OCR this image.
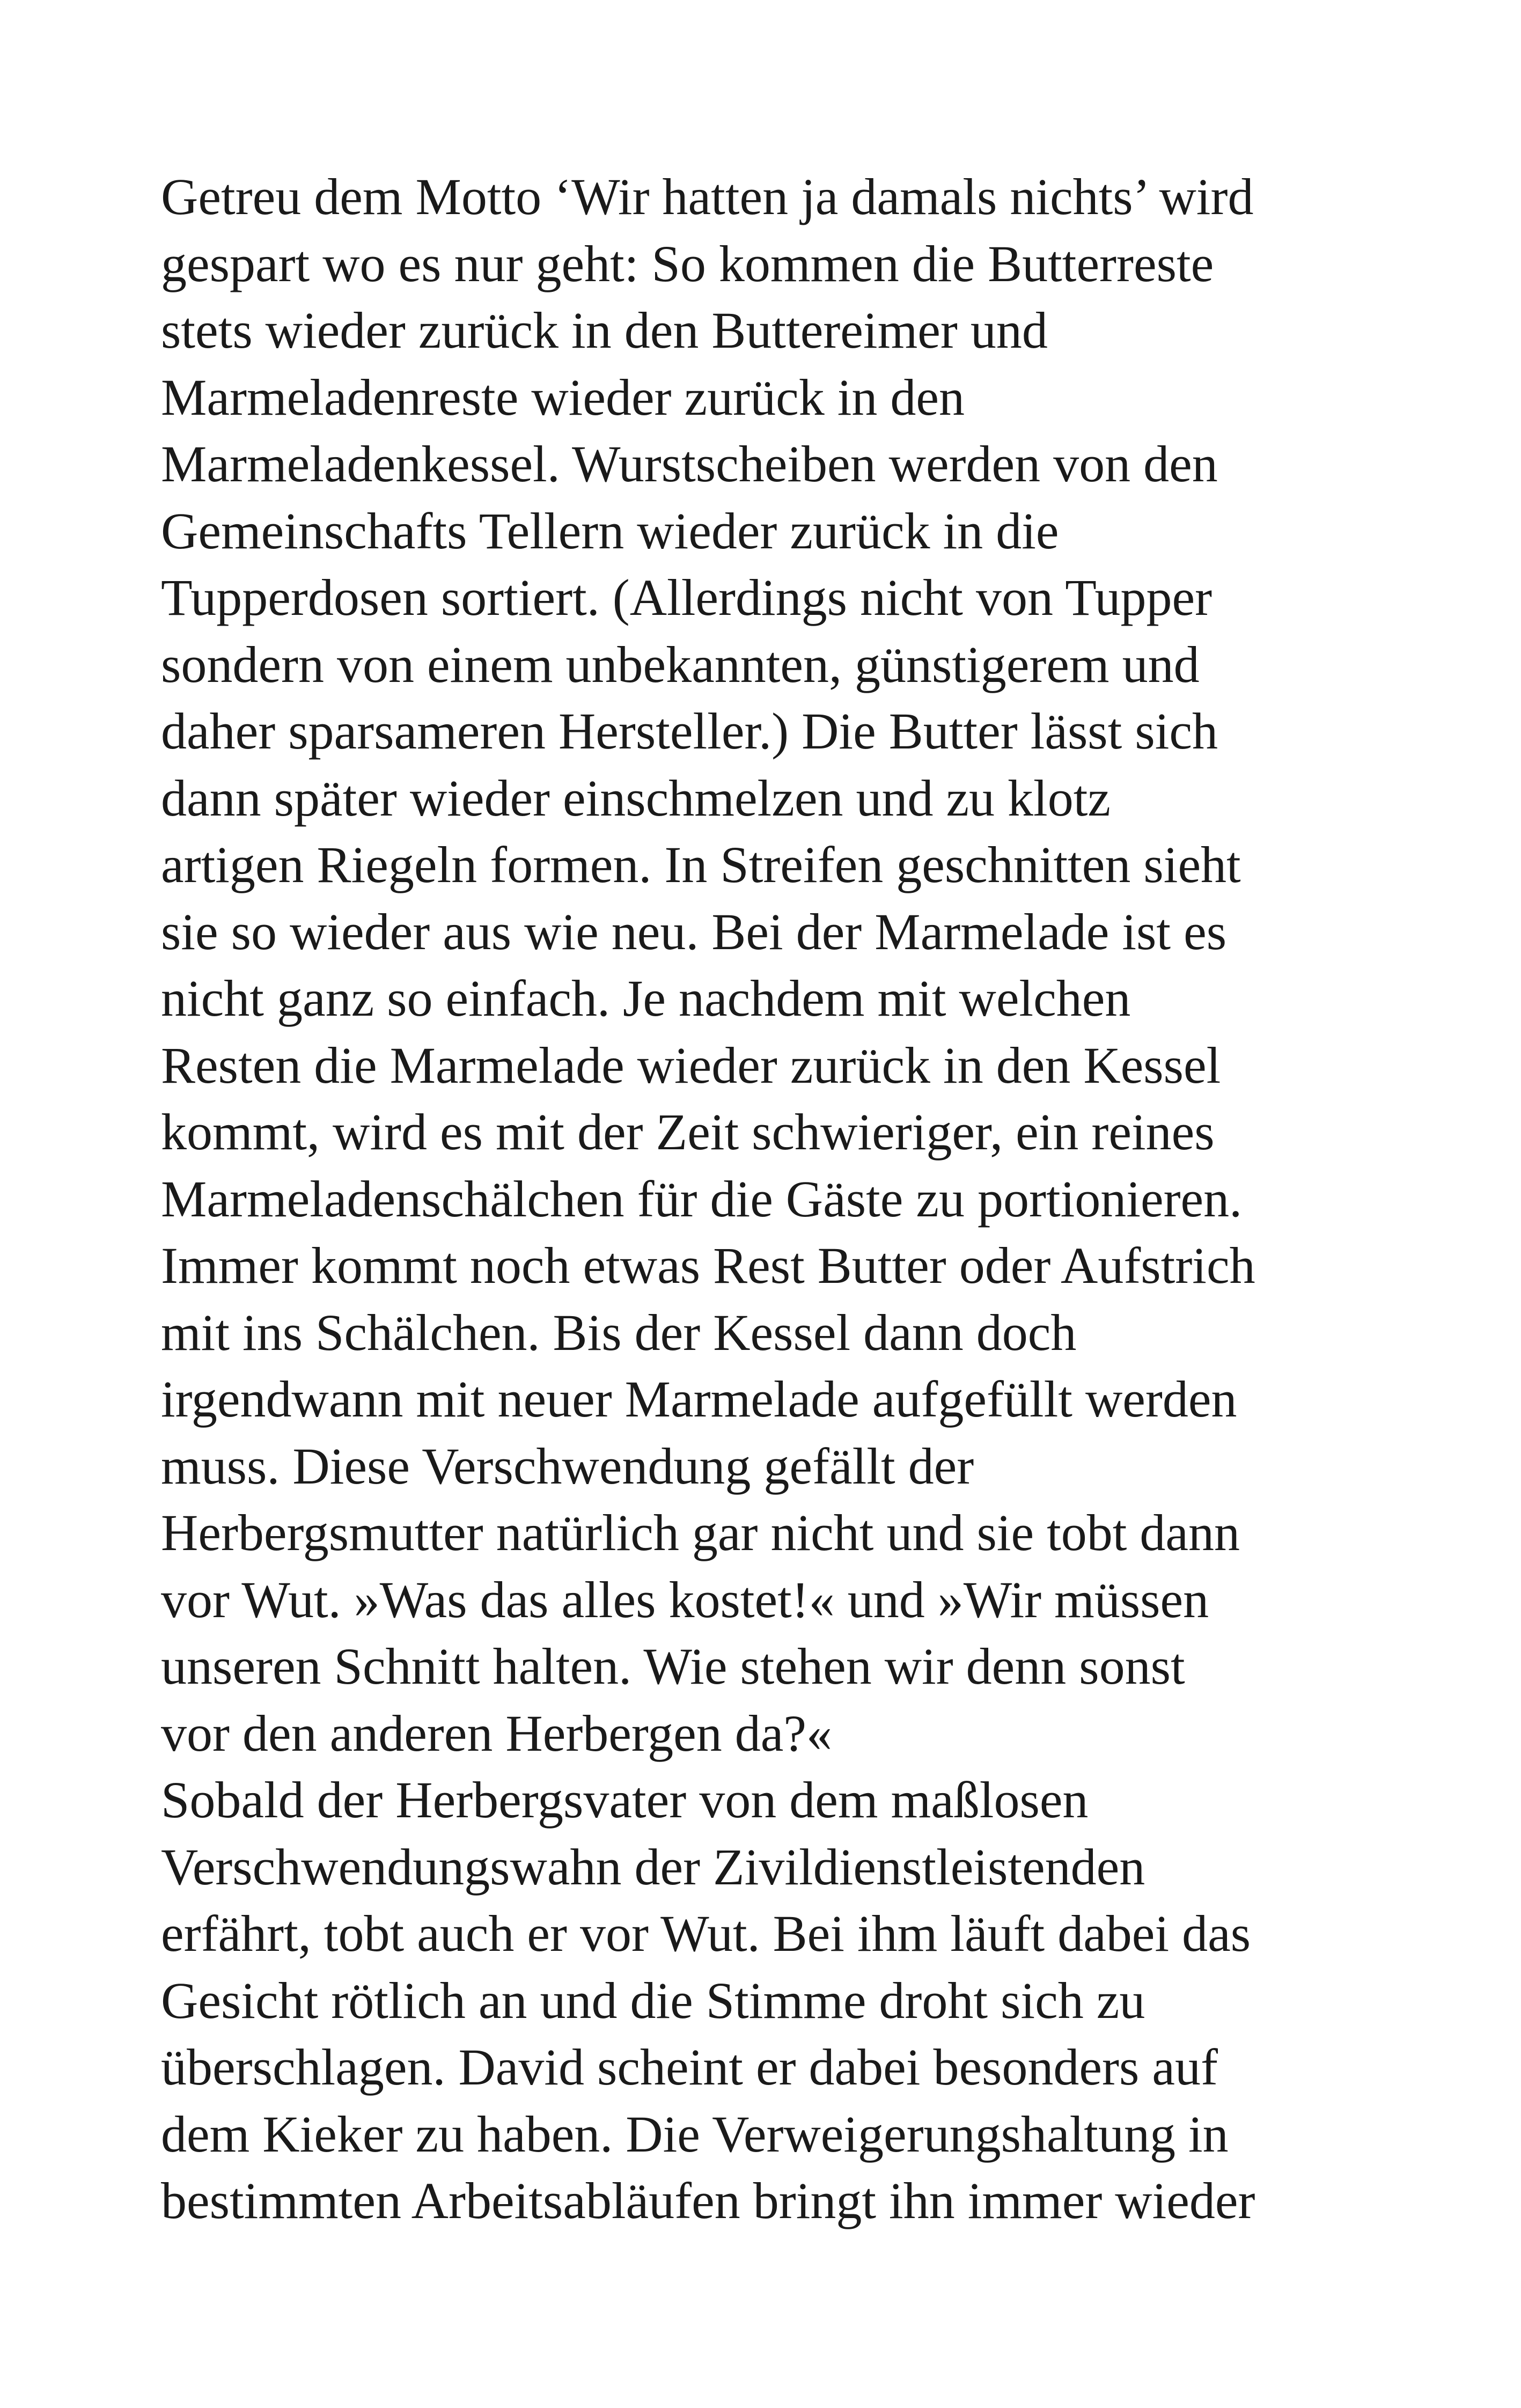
Getreu dem Motto ‘Wir hatten ja damals nichts’ wird
gespart wo es nur geht: So kommen die Butterreste
stets wieder zurück in den Buttereimer und
Marmeladenreste wieder zurück in den
Marmeladenkessel. Wurstscheiben werden von den
Gemeinschafts Tellern wieder zurück in die
Tupperdosen sortiert. (Allerdings nicht von Tupper
sondern von einem unbekannten, günstigerem und
daher sparsameren Hersteller.) Die Butter lässt sich
dann später wieder einschmelzen und zu klotz
artigen Riegeln formen. In Streifen geschnitten sieht
sie so wieder aus wie neu. Bei der Marmelade ist es
nicht ganz so einfach. Je nachdem mit welchen
Resten die Marmelade wieder zurück in den Kessel
kommt, wird es mit der Zeit schwieriger, ein reines
Marmeladenschälchen für die Gäste zu portionieren.
Immer kommt noch etwas Rest Butter oder Aufstrich
mit ins Schälchen. Bis der Kessel dann doch
irgendwann mit neuer Marmelade aufgefüllt werden
muss. Diese Verschwendung gefällt der
Herbergsmutter natürlich gar nicht und sie tobt dann
vor Wut. »Was das alles kostet!« und »Wir müssen
unseren Schnitt halten. Wie stehen wir denn sonst
vor den anderen Herbergen da?«
Sobald der Herbergsvater von dem maßlosen
Verschwendungswahn der Zivildienstleistenden
erfährt, tobt auch er vor Wut. Bei ihm läuft dabei das
Gesicht rötlich an und die Stimme droht sich zu
überschlagen. David scheint er dabei besonders auf
dem Kieker zu haben. Die Verweigerungshaltung in
bestimmten Arbeitsabläufen bringt ihn immer wieder
